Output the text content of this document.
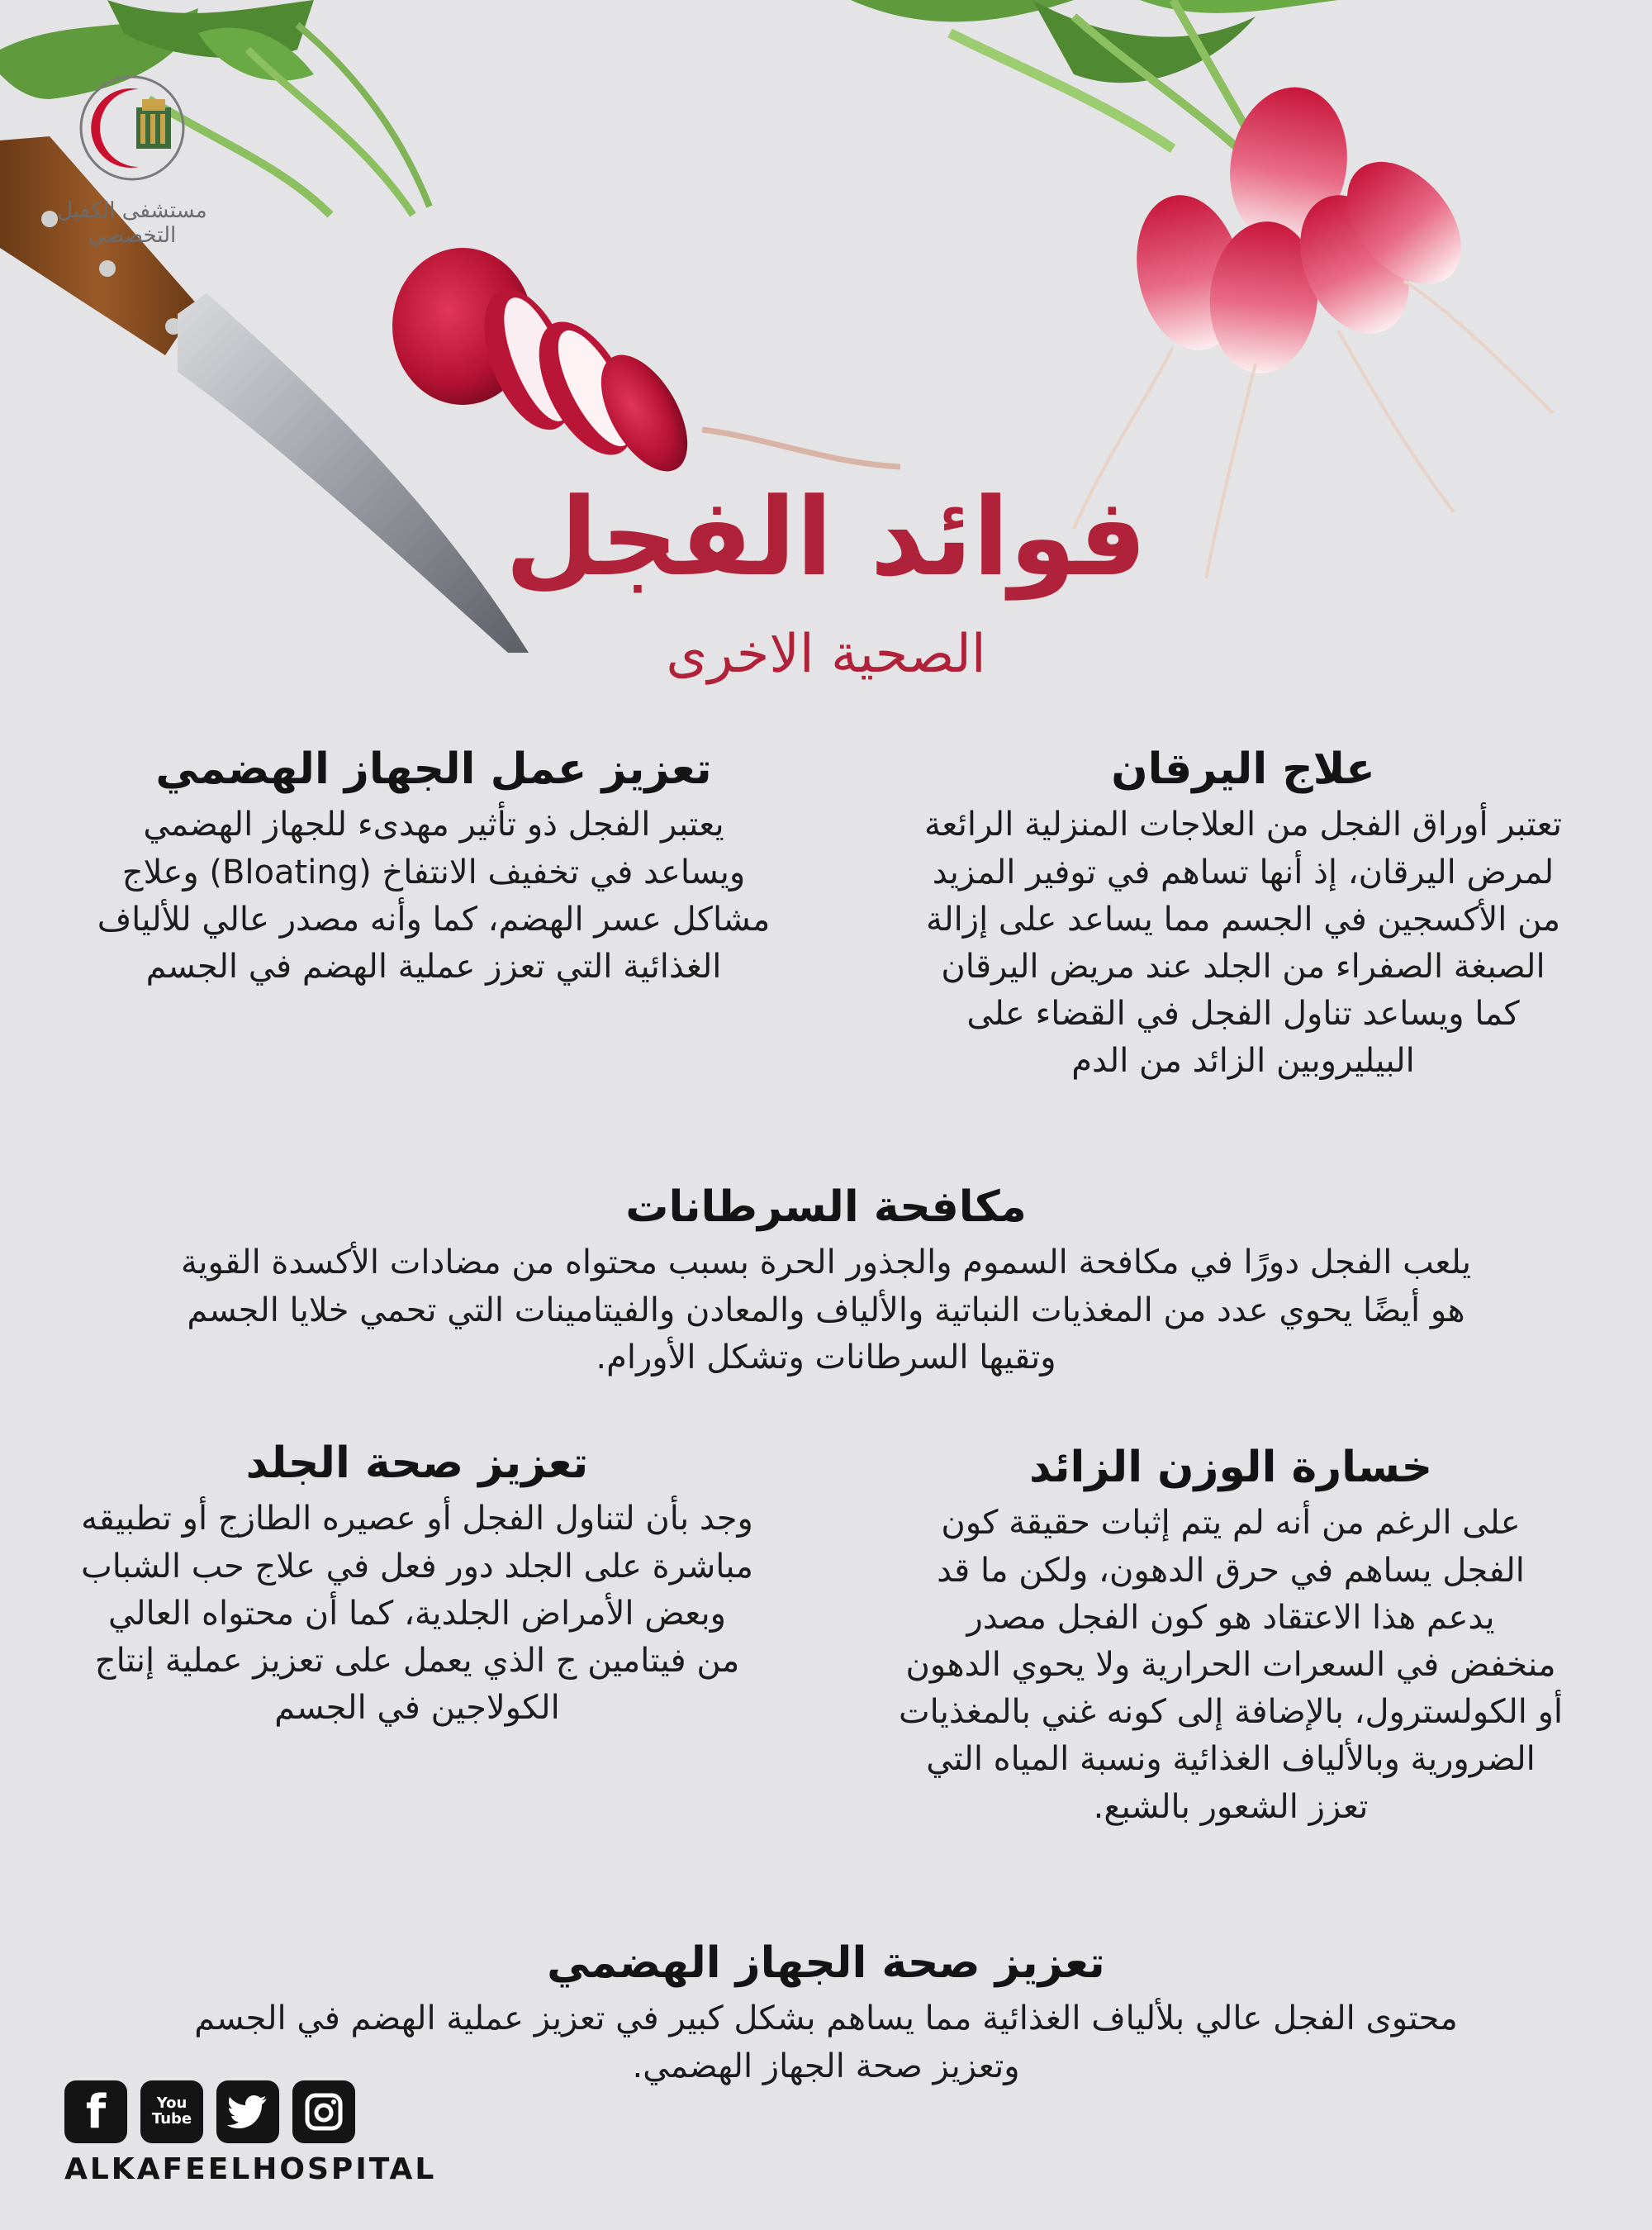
مستشفى الكفيل التخصصي
فوائد الفجل
الصحية الاخرى
علاج اليرقان

تعتبر أوراق الفجل من العلاجات المنزلية الرائعة
لمرض اليرقان، إذ أنها تساهم في توفير المزيد
من الأكسجين في الجسم مما يساعد على إزالة
الصبغة الصفراء من الجلد عند مريض اليرقان
كما ويساعد تناول الفجل في القضاء على
البيليروبين الزائد من الدم

تعزيز عمل الجهاز الهضمي

يعتبر الفجل ذو تأثير مهدىء للجهاز الهضمي
ويساعد في تخفيف الانتفاخ (Bloating) وعلاج
مشاكل عسر الهضم، كما وأنه مصدر عالي للألياف
الغذائية التي تعزز عملية الهضم في الجسم

مكافحة السرطانات

يلعب الفجل دورًا في مكافحة السموم والجذور الحرة بسبب محتواه من مضادات الأكسدة القوية
هو أيضًا يحوي عدد من المغذيات النباتية والألياف والمعادن والفيتامينات التي تحمي خلايا الجسم
وتقيها السرطانات وتشكل الأورام.

خسارة الوزن الزائد

على الرغم من أنه لم يتم إثبات حقيقة كون
الفجل يساهم في حرق الدهون، ولكن ما قد
يدعم هذا الاعتقاد هو كون الفجل مصدر
منخفض في السعرات الحرارية ولا يحوي الدهون
أو الكولسترول، بالإضافة إلى كونه غني بالمغذيات
الضرورية وبالألياف الغذائية ونسبة المياه التي
تعزز الشعور بالشبع.

تعزيز صحة الجلد

وجد بأن لتناول الفجل أو عصيره الطازج أو تطبيقه
مباشرة على الجلد دور فعل في علاج حب الشباب
وبعض الأمراض الجلدية، كما أن محتواه العالي
من فيتامين ج الذي يعمل على تعزيز عملية إنتاج
الكولاجين في الجسم

تعزيز صحة الجهاز الهضمي

محتوى الفجل عالي بلألياف الغذائية مما يساهم بشكل كبير في تعزيز عملية الهضم في الجسم
وتعزيز صحة الجهاز الهضمي.

f	You
Tube
ALKAFEELHOSPITAL
